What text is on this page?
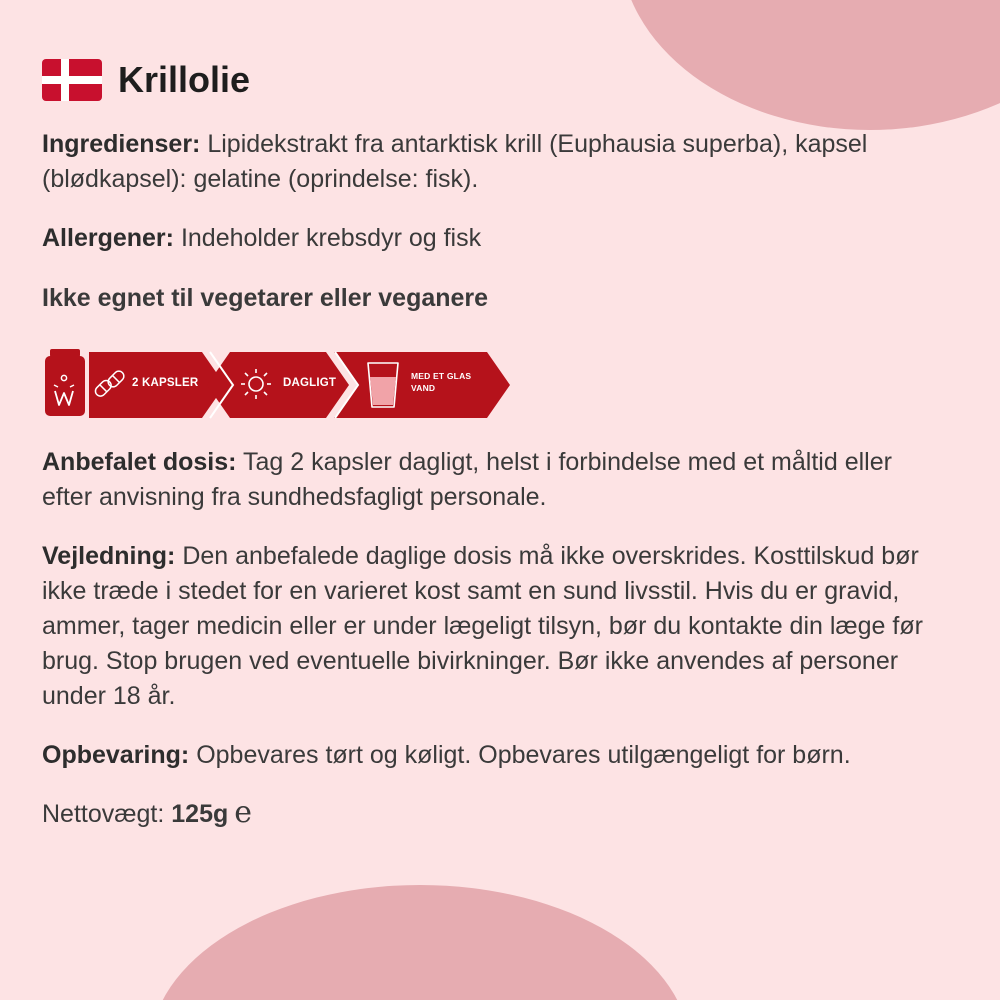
Krillolie

Ingredienser: Lipidekstrakt fra antarktisk krill (Euphausia superba), kapsel (blødkapsel): gelatine (oprindelse: fisk).

Allergener: Indeholder krebsdyr og fisk

Ikke egnet til vegetarer eller veganere

2 KAPSLER	DAGLIGT
MED ET GLAS VAND

Anbefalet dosis: Tag 2 kapsler dagligt, helst i forbindelse med et måltid eller efter anvisning fra sundhedsfagligt personale.

Vejledning: Den anbefalede daglige dosis må ikke overskrides. Kosttilskud bør ikke træde i stedet for en varieret kost samt en sund livsstil. Hvis du er gravid, ammer, tager medicin eller er under lægeligt tilsyn, bør du kontakte din læge før brug. Stop brugen ved eventuelle bivirkninger. Bør ikke anvendes af personer under 18 år.

Opbevaring: Opbevares tørt og køligt. Opbevares utilgængeligt for børn.

Nettovægt: 125g e
